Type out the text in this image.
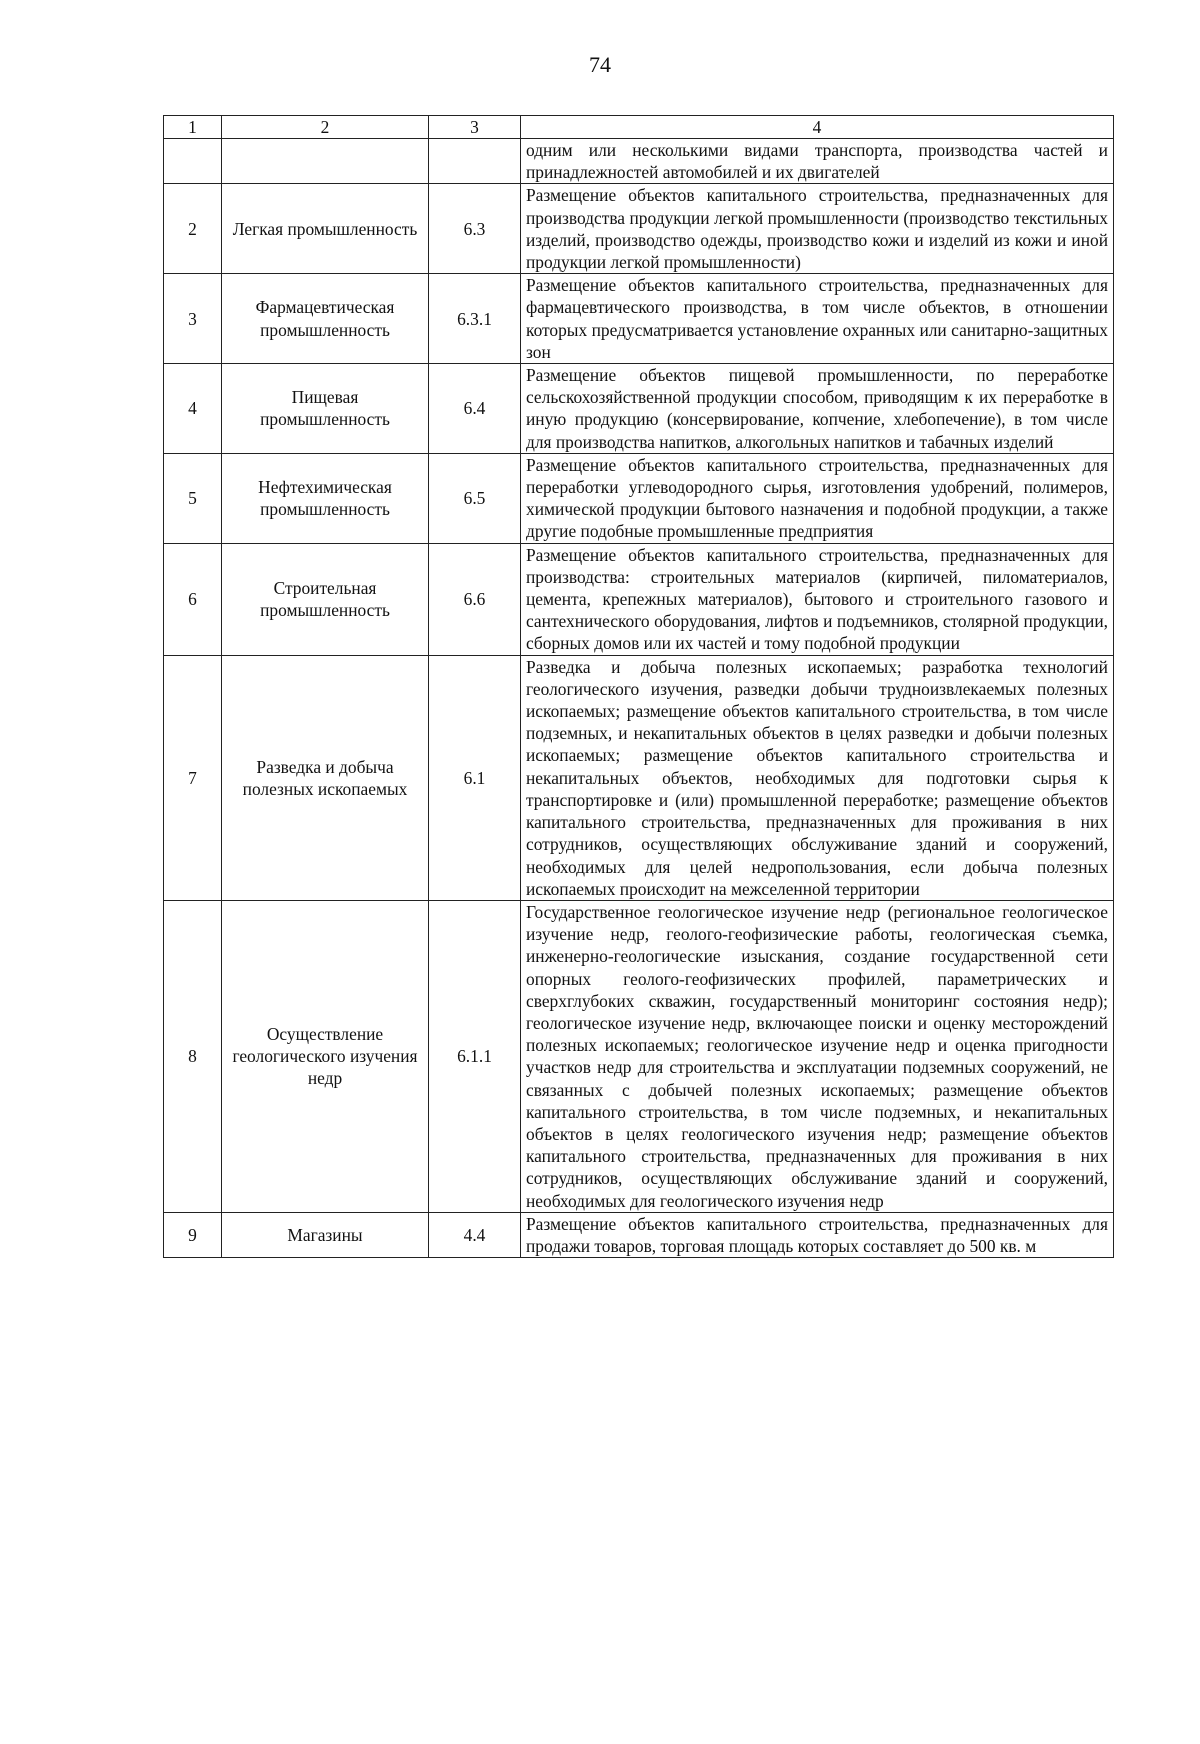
74
1	2	3	4
			одним или несколькими видами транспорта, производства частей и принадлежностей автомобилей и их двигателей
2	Легкая промышленность	6.3	Размещение объектов капитального строительства, предназначенных для производства продукции легкой промышленности (производство текстильных изделий, производство одежды, производство кожи и изделий из кожи и иной продукции легкой промышленности)
3	Фармацевтическая промышленность	6.3.1	Размещение объектов капитального строительства, предназначенных для фармацевтического производства, в том числе объектов, в отношении которых предусматривается установление охранных или санитарно-защитных зон
4	Пищевая промышленность	6.4	Размещение объектов пищевой промышленности, по переработке сельскохозяйственной продукции способом, приводящим к их переработке в иную продукцию (консервирование, копчение, хлебопечение), в том числе для производства напитков, алкогольных напитков и табачных изделий
5	Нефтехимическая промышленность	6.5	Размещение объектов капитального строительства, предназначенных для переработки углеводородного сырья, изготовления удобрений, полимеров, химической продукции бытового назначения и подобной продукции, а также другие подобные промышленные предприятия
6	Строительная промышленность	6.6	Размещение объектов капитального строительства, предназначенных для производства: строительных материалов (кирпичей, пиломатериалов, цемента, крепежных материалов), бытового и строительного газового и сантехнического оборудования, лифтов и подъемников, столярной продукции, сборных домов или их частей и тому подобной продукции
7	Разведка и добыча полезных ископаемых	6.1	Разведка и добыча полезных ископаемых; разработка технологий геологического изучения, разведки добычи трудноизвлекаемых полезных ископаемых; размещение объектов капитального строительства, в том числе подземных, и некапитальных объектов в целях разведки и добычи полезных ископаемых; размещение объектов капитального строительства и некапитальных объектов, необходимых для подготовки сырья к транспортировке и (или) промышленной переработке; размещение объектов капитального строительства, предназначенных для проживания в них сотрудников, осуществляющих обслуживание зданий и сооружений, необходимых для целей недропользования, если добыча полезных ископаемых происходит на межселенной территории
8	Осуществление геологического изучения недр	6.1.1	Государственное геологическое изучение недр (региональное геологическое изучение недр, геолого-геофизические работы, геологическая съемка, инженерно-геологические изыскания, создание государственной сети опорных геолого-геофизических профилей, параметрических и сверхглубоких скважин, государственный мониторинг состояния недр); геологическое изучение недр, включающее поиски и оценку месторождений полезных ископаемых; геологическое изучение недр и оценка пригодности участков недр для строительства и эксплуатации подземных сооружений, не связанных с добычей полезных ископаемых; размещение объектов капитального строительства, в том числе подземных, и некапитальных объектов в целях геологического изучения недр; размещение объектов капитального строительства, предназначенных для проживания в них сотрудников, осуществляющих обслуживание зданий и сооружений, необходимых для геологического изучения недр
9	Магазины	4.4	Размещение объектов капитального строительства, предназначенных для продажи товаров, торговая площадь которых составляет до 500 кв. м
